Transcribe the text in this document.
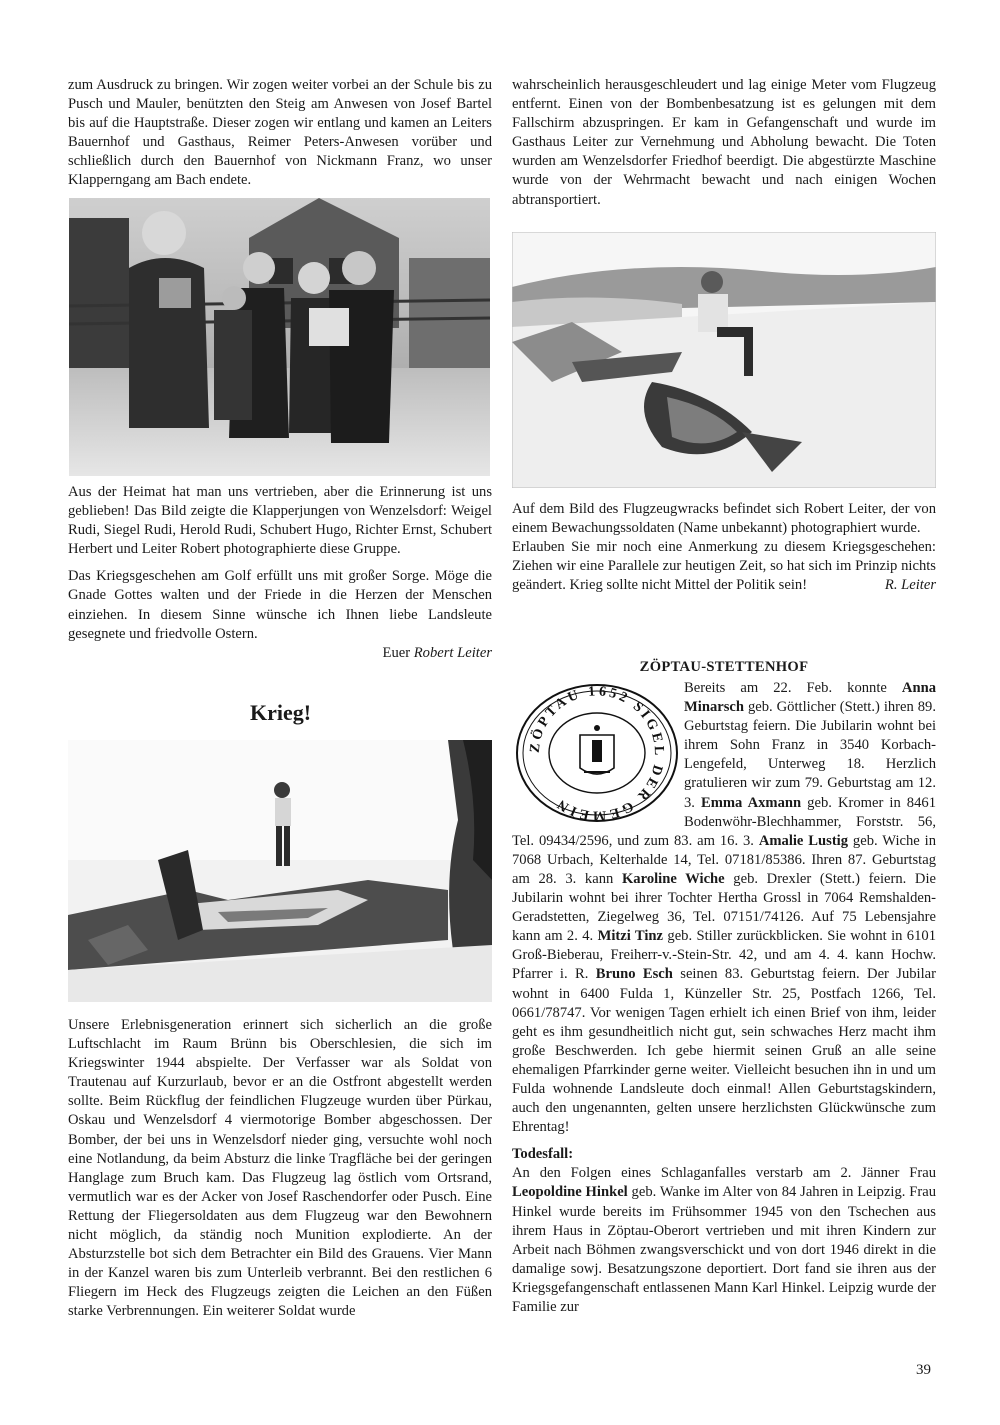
zum Ausdruck zu bringen. Wir zogen weiter vorbei an der Schule bis zu Pusch und Mauler, benützten den Steig am Anwesen von Josef Bartel bis auf die Hauptstraße. Dieser zogen wir entlang und kamen an Leiters Bauernhof und Gasthaus, Reimer Peters-Anwesen vorüber und schließlich durch den Bauernhof von Nickmann Franz, wo unser Klapperngang am Bach endete.

Aus der Heimat hat man uns vertrieben, aber die Erinnerung ist uns geblieben! Das Bild zeigte die Klapperjungen von Wenzelsdorf: Weigel Rudi, Siegel Rudi, Herold Rudi, Schubert Hugo, Richter Ernst, Schubert Herbert und Leiter Robert photographierte diese Gruppe.

Das Kriegsgeschehen am Golf erfüllt uns mit großer Sorge. Möge die Gnade Gottes walten und der Friede in die Herzen der Menschen einziehen. In diesem Sinne wünsche ich Ihnen liebe Landsleute gesegnete und friedvolle Ostern.

Euer Robert Leiter

Krieg!

Unsere Erlebnisgeneration erinnert sich sicherlich an die große Luftschlacht im Raum Brünn bis Oberschlesien, die sich im Kriegswinter 1944 abspielte. Der Verfasser war als Soldat von Trautenau auf Kurzurlaub, bevor er an die Ostfront abgestellt werden sollte. Beim Rückflug der feindlichen Flugzeuge wurden über Pürkau, Oskau und Wenzelsdorf 4 viermotorige Bomber abgeschossen. Der Bomber, der bei uns in Wenzelsdorf nieder ging, versuchte wohl noch eine Notlandung, da beim Absturz die linke Tragfläche bei der geringen Hanglage zum Bruch kam. Das Flugzeug lag östlich vom Ortsrand, vermutlich war es der Acker von Josef Raschendorfer oder Pusch. Eine Rettung der Fliegersoldaten aus dem Flugzeug war den Bewohnern nicht möglich, da ständig noch Munition explodierte. An der Absturzstelle bot sich dem Betrachter ein Bild des Grauens. Vier Mann in der Kanzel waren bis zum Unterleib verbrannt. Bei den restlichen 6 Fliegern im Heck des Flugzeugs zeigten die Leichen an den Füßen starke Verbrennungen. Ein weiterer Soldat wurde

wahrscheinlich herausgeschleudert und lag einige Meter vom Flugzeug entfernt. Einen von der Bombenbesatzung ist es gelungen mit dem Fallschirm abzuspringen. Er kam in Gefangenschaft und wurde im Gasthaus Leiter zur Vernehmung und Abholung bewacht. Die Toten wurden am Wenzelsdorfer Friedhof beerdigt. Die abgestürzte Maschine wurde von der Wehrmacht bewacht und nach einigen Wochen abtransportiert.

Auf dem Bild des Flugzeugwracks befindet sich Robert Leiter, der von einem Bewachungssoldaten (Name unbekannt) photographiert wurde.

Erlauben Sie mir noch eine Anmerkung zu diesem Kriegsgeschehen: Ziehen wir eine Parallele zur heutigen Zeit, so hat sich im Prinzip nichts geändert. Krieg sollte nicht Mittel der Politik sein!	R. Leiter

ZÖPTAU-STETTENHOF
ZÖPTAU 1652 SIGEL DER GEMEIN

Bereits am 22. Feb. konnte Anna Minarsch geb. Göttlicher (Stett.) ihren 89. Geburtstag feiern. Die Jubilarin wohnt bei ihrem Sohn Franz in 3540 Korbach-Lengefeld, Unterweg 18. Herzlich gratulieren wir zum 79. Geburtstag am 12. 3. Emma Axmann geb. Kromer in 8461 Bodenwöhr-Blechhammer, Forststr. 56, Tel. 09434/2596, und zum 83. am 16. 3. Amalie Lustig geb. Wiche in 7068 Urbach, Kelterhalde 14, Tel. 07181/85386. Ihren 87. Geburtstag am 28. 3. kann Karoline Wiche geb. Drexler (Stett.) feiern. Die Jubilarin wohnt bei ihrer Tochter Hertha Grossl in 7064 Remshalden-Geradstetten, Ziegelweg 36, Tel. 07151/74126. Auf 75 Lebensjahre kann am 2. 4. Mitzi Tinz geb. Stiller zurückblicken. Sie wohnt in 6101 Groß-Bieberau, Freiherr-v.-Stein-Str. 42, und am 4. 4. kann Hochw. Pfarrer i. R. Bruno Esch seinen 83. Geburtstag feiern. Der Jubilar wohnt in 6400 Fulda 1, Künzeller Str. 25, Postfach 1266, Tel. 0661/78747. Vor wenigen Tagen erhielt ich einen Brief von ihm, leider geht es ihm gesundheitlich nicht gut, sein schwaches Herz macht ihm große Beschwerden. Ich gebe hiermit seinen Gruß an alle seine ehemaligen Pfarrkinder gerne weiter. Vielleicht besuchen ihn in und um Fulda wohnende Landsleute doch einmal! Allen Geburtstagskindern, auch den ungenannten, gelten unsere herzlichsten Glückwünsche zum Ehrentag!

Todesfall:

An den Folgen eines Schlaganfalles verstarb am 2. Jänner Frau Leopoldine Hinkel geb. Wanke im Alter von 84 Jahren in Leipzig. Frau Hinkel wurde bereits im Frühsommer 1945 von den Tschechen aus ihrem Haus in Zöptau-Oberort vertrieben und mit ihren Kindern zur Arbeit nach Böhmen zwangsverschickt und von dort 1946 direkt in die damalige sowj. Besatzungszone deportiert. Dort fand sie ihren aus der Kriegsgefangenschaft entlassenen Mann Karl Hinkel. Leipzig wurde der Familie zur

39
